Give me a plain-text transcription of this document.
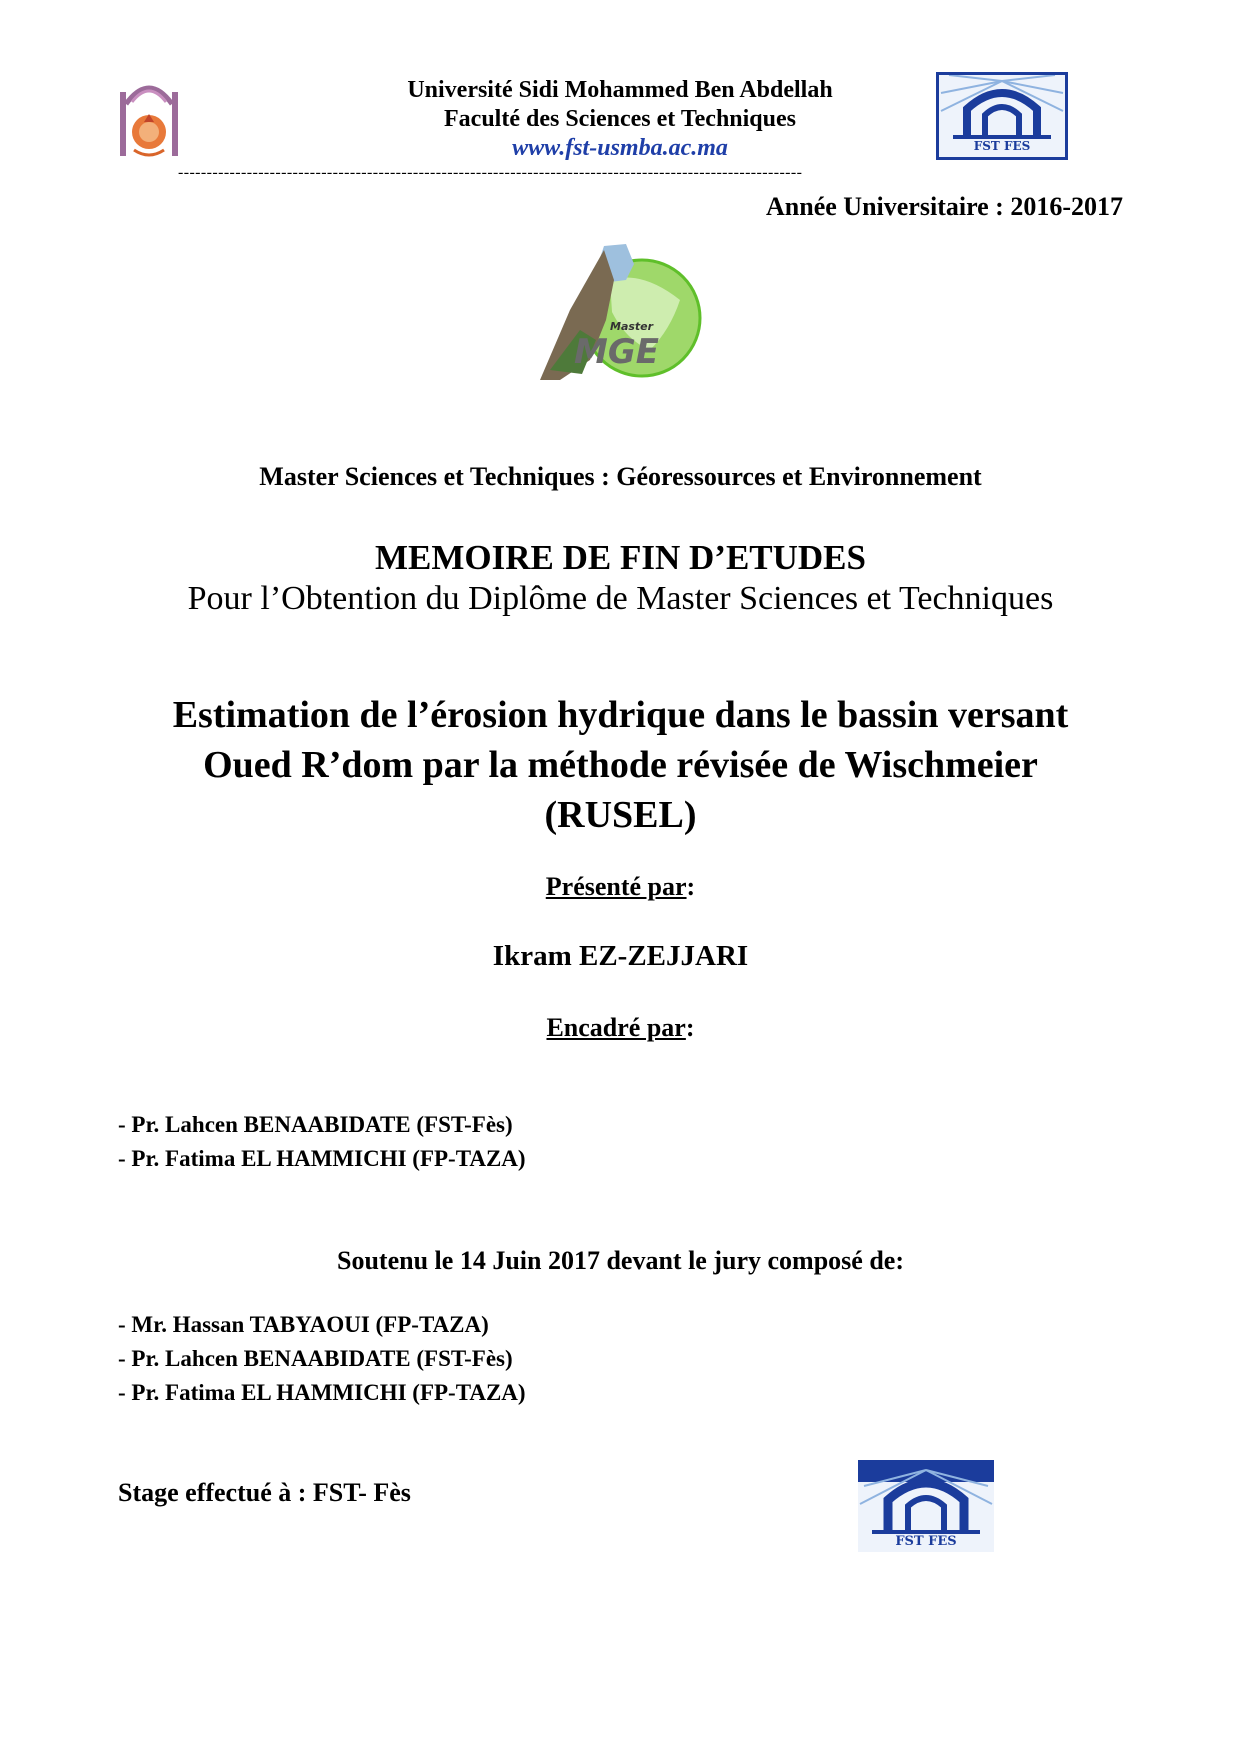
Université Sidi Mohammed Ben Abdellah
Faculté des Sciences et Techniques
www.fst-usmba.ac.ma	FST FES
-------------------------------------------------------------------------------------------------------------
Année Universitaire : 2016-2017
Master
MGE
Master Sciences et Techniques : Géoressources et Environnement
MEMOIRE DE FIN D’ETUDES
Pour l’Obtention du Diplôme de Master Sciences et Techniques
Estimation de l’érosion hydrique dans le bassin versant
Oued R’dom par la méthode révisée de Wischmeier
(RUSEL)
Présenté par:
Ikram EZ-ZEJJARI
Encadré par:
- Pr. Lahcen BENAABIDATE (FST-Fès)
- Pr. Fatima EL HAMMICHI (FP-TAZA)
Soutenu le 14 Juin 2017 devant le jury composé de:
- Mr. Hassan TABYAOUI (FP-TAZA)
- Pr. Lahcen BENAABIDATE (FST-Fès)
- Pr. Fatima EL HAMMICHI (FP-TAZA)
Stage effectué à : FST- Fès
FST FES
